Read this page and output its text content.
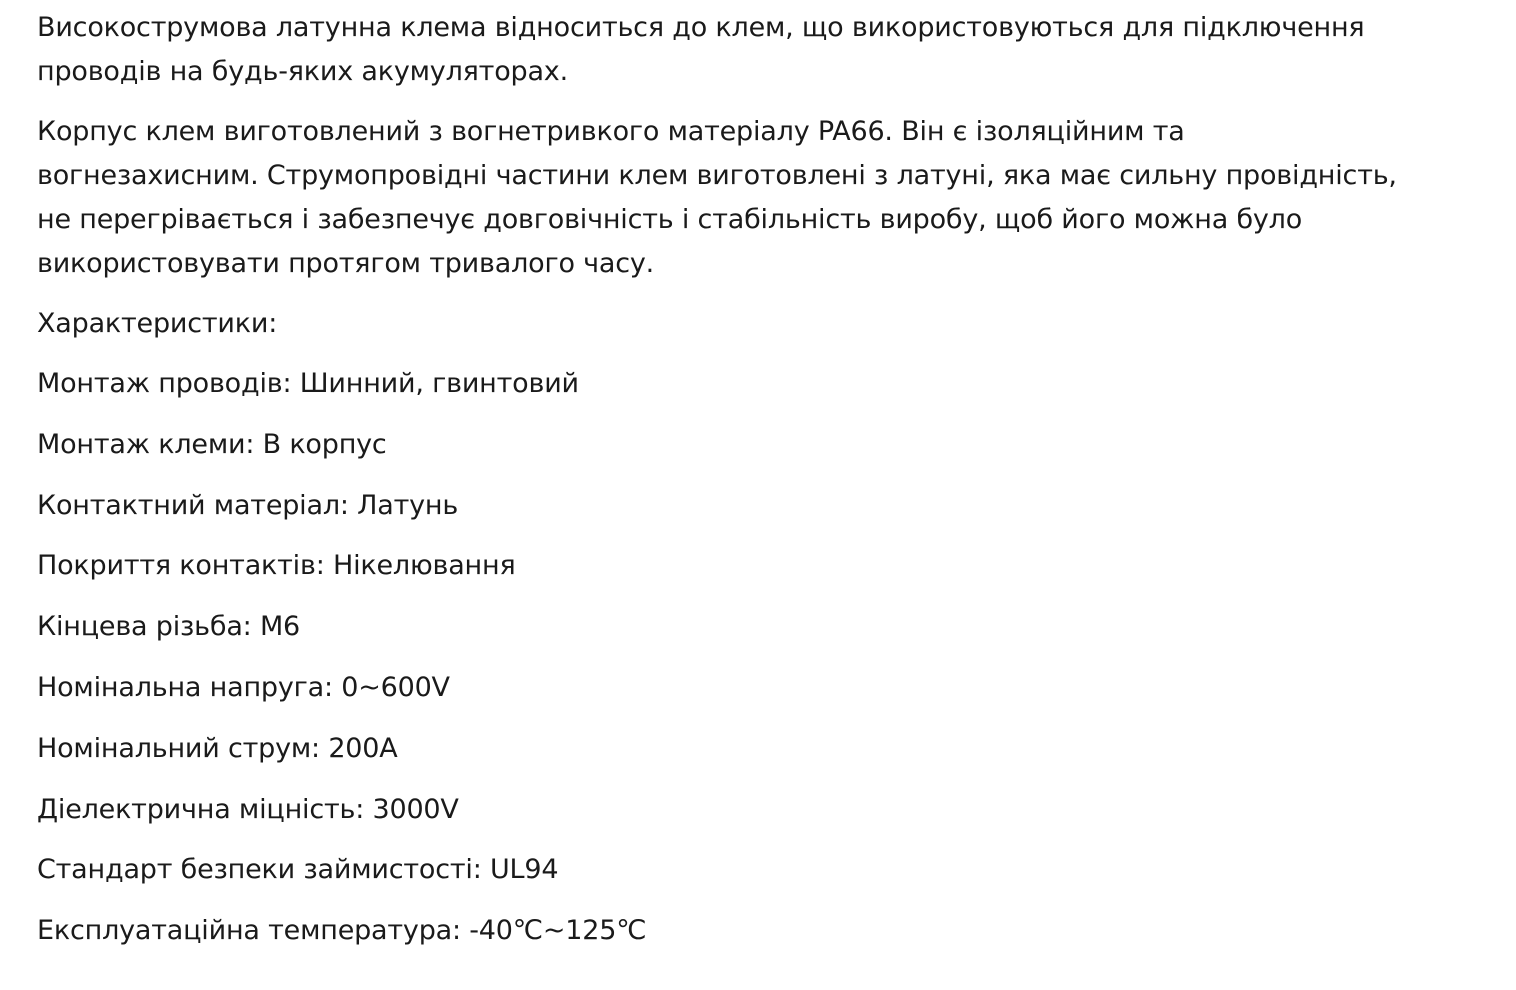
Високострумова латунна клема відноситься до клем, що використовуються для підключення
проводів на будь-яких акумуляторах.

Корпус клем виготовлений з вогнетривкого матеріалу PA66. Він є ізоляційним та
вогнезахисним. Струмопровідні частини клем виготовлені з латуні, яка має сильну провідність,
не перегрівається і забезпечує довговічність і стабільність виробу, щоб його можна було
використовувати протягом тривалого часу.

Характеристики:

Монтаж проводів: Шинний, гвинтовий

Монтаж клеми: В корпус

Контактний матеріал: Латунь

Покриття контактів: Нікелювання

Кінцева різьба: М6

Номінальна напруга: 0~600V

Номінальний струм: 200А

Діелектрична міцність: 3000V

Стандарт безпеки займистості: UL94

Експлуатаційна температура: -40℃~125℃
